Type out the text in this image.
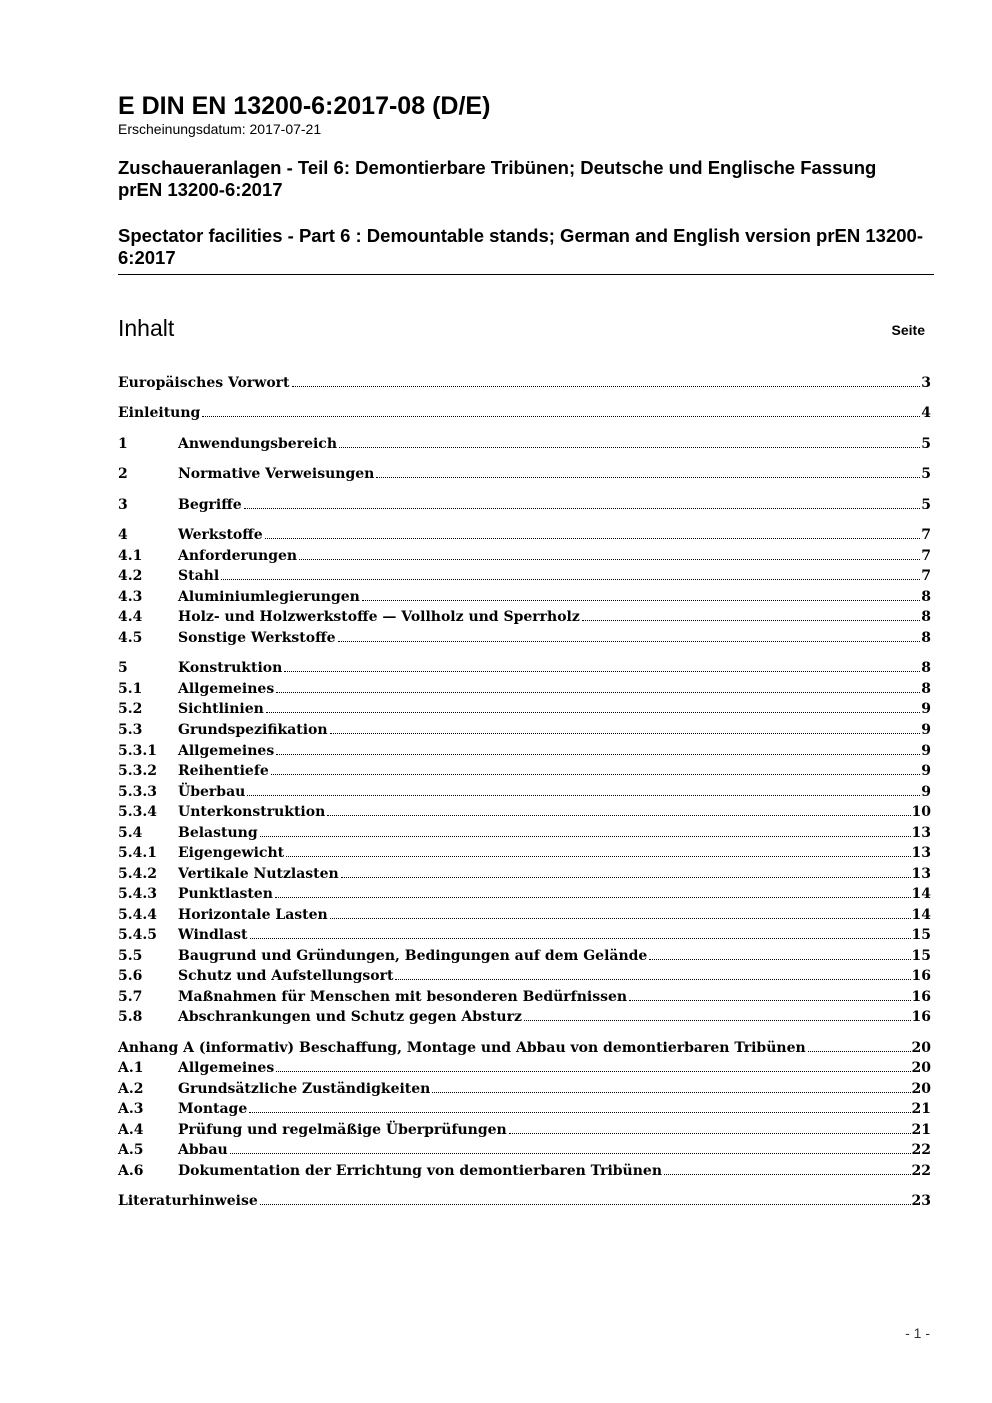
E DIN EN 13200-6:2017-08 (D/E)

Erscheinungsdatum: 2017-07-21

Zuschaueranlagen - Teil 6: Demontierbare Tribünen; Deutsche und Englische Fassung prEN 13200-6:2017

Spectator facilities - Part 6 : Demountable stands; German and English version prEN 13200-6:2017

Inhalt	Seite
Europäisches Vorwort	3
Einleitung	4
1	Anwendungsbereich	5
2	Normative Verweisungen	5
3	Begriffe	5
4	Werkstoffe	7
4.1	Anforderungen	7
4.2	Stahl	7
4.3	Aluminiumlegierungen	8
4.4	Holz- und Holzwerkstoffe — Vollholz und Sperrholz	8
4.5	Sonstige Werkstoffe	8
5	Konstruktion	8
5.1	Allgemeines	8
5.2	Sichtlinien	9
5.3	Grundspezifikation	9
5.3.1	Allgemeines	9
5.3.2	Reihentiefe	9
5.3.3	Überbau	9
5.3.4	Unterkonstruktion	10
5.4	Belastung	13
5.4.1	Eigengewicht	13
5.4.2	Vertikale Nutzlasten	13
5.4.3	Punktlasten	14
5.4.4	Horizontale Lasten	14
5.4.5	Windlast	15
5.5	Baugrund und Gründungen, Bedingungen auf dem Gelände	15
5.6	Schutz und Aufstellungsort	16
5.7	Maßnahmen für Menschen mit besonderen Bedürfnissen	16
5.8	Abschrankungen und Schutz gegen Absturz	16
Anhang A (informativ) Beschaffung, Montage und Abbau von demontierbaren Tribünen	20
A.1	Allgemeines	20
A.2	Grundsätzliche Zuständigkeiten	20
A.3	Montage	21
A.4	Prüfung und regelmäßige Überprüfungen	21
A.5	Abbau	22
A.6	Dokumentation der Errichtung von demontierbaren Tribünen	22
Literaturhinweise	23
- 1 -
